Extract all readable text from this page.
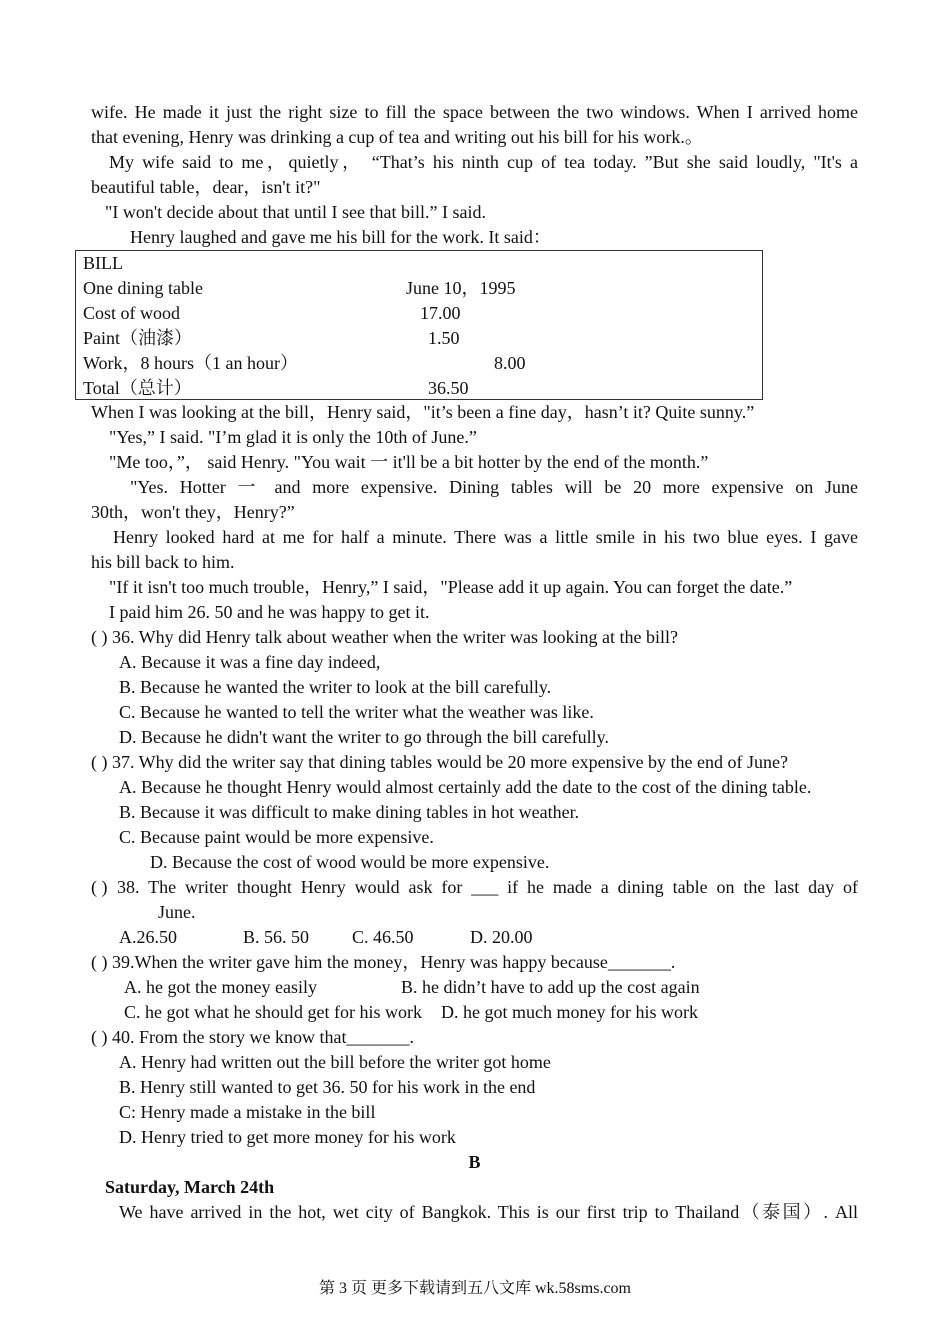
wife. He made it just the right size to fill the space between the two windows. When I arrived home
that evening, Henry was drinking a cup of tea and writing out his bill for his work.。
My wife said to me，quietly， “That’s his ninth cup of tea today. ”But she said loudly, "It's a
beautiful table，dear，isn't it?"
"I won't decide about that until I see that bill.” I said.
Henry laughed and gave me his bill for the work. It said：
BILL
One dining table	June 10，1995
Cost of wood	17.00
Paint（油漆）	1.50
Work，8 hours（1 an hour）	8.00
Total（总计）	36.50
When I was looking at the bill，Henry said，"it’s been a fine day，hasn’t it? Quite sunny.”
"Yes,” I said. "I’m glad it is only the 10th of June.”
"Me too，”， said Henry. "You wait 一 it'll be a bit hotter by the end of the month.”
"Yes. Hotter 一 and more expensive. Dining tables will be 20 more expensive on June
30th，won't they，Henry?”
Henry looked hard at me for half a minute. There was a little smile in his two blue eyes. I gave
his bill back to him.
"If it isn't too much trouble，Henry,” I said，"Please add it up again. You can forget the date.”
I paid him 26. 50 and he was happy to get it.
( ) 36. Why did Henry talk about weather when the writer was looking at the bill?
A. Because it was a fine day indeed,
B. Because he wanted the writer to look at the bill carefully.
C. Because he wanted to tell the writer what the weather was like.
D. Because he didn't want the writer to go through the bill carefully.
( ) 37. Why did the writer say that dining tables would be 20 more expensive by the end of June?
A. Because he thought Henry would almost certainly add the date to the cost of the dining table.
B. Because it was difficult to make dining tables in hot weather.
C. Because paint would be more expensive.
D. Because the cost of wood would be more expensive.
( ) 38. The writer thought Henry would ask for ___ if he made a dining table on the last day of
June.
A.26.50	B. 56. 50 C. 46.50	D. 20.00
( ) 39.When the writer gave him the money，Henry was happy because_______.
A. he got the money easily	B. he didn’t have to add up the cost again
C. he got what he should get for his work D. he got much money for his work
( ) 40. From the story we know that_______.
A. Henry had written out the bill before the writer got home
B. Henry still wanted to get 36. 50 for his work in the end
C: Henry made a mistake in the bill
D. Henry tried to get more money for his work
B
Saturday, March 24th
We have arrived in the hot, wet city of Bangkok. This is our first trip to Thailand（泰国）. All
第 3 页 更多下载请到五八文库 wk.58sms.com
